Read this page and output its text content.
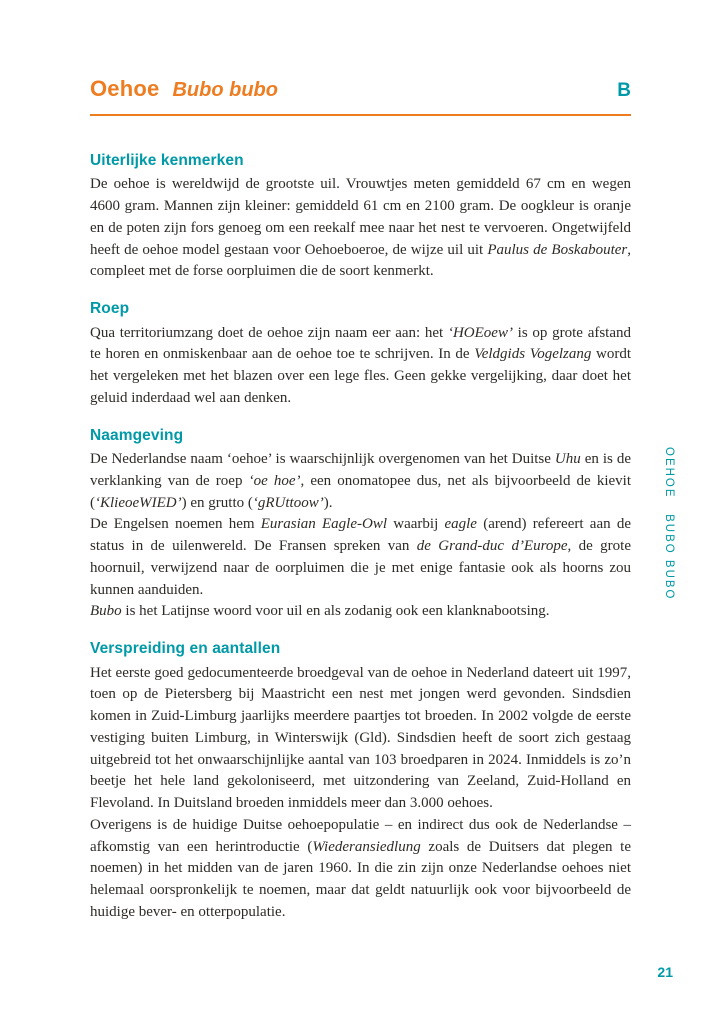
Oehoe Bubo bubo	B
Uiterlijke kenmerken

De oehoe is wereldwijd de grootste uil. Vrouwtjes meten gemiddeld 67 cm en wegen 4600 gram. Mannen zijn kleiner: gemiddeld 61 cm en 2100 gram. De oogkleur is oranje en de poten zijn fors genoeg om een reekalf mee naar het nest te vervoeren. Ongetwijfeld heeft de oehoe model gestaan voor Oehoeboeroe, de wijze uil uit Paulus de Boskabouter, compleet met de forse oorpluimen die de soort kenmerkt.

Roep

Qua territoriumzang doet de oehoe zijn naam eer aan: het ‘HOEoew’ is op grote afstand te horen en onmiskenbaar aan de oehoe toe te schrijven. In de Veldgids Vogelzang wordt het vergeleken met het blazen over een lege fles. Geen gekke vergelijking, daar doet het geluid inderdaad wel aan denken.

Naamgeving

De Nederlandse naam ‘oehoe’ is waarschijnlijk overgenomen van het Duitse Uhu en is de verklanking van de roep ‘oe hoe’, een onomatopee dus, net als bijvoorbeeld de kievit (‘KlieoeWIED’) en grutto (‘gRUttoow’).

De Engelsen noemen hem Eurasian Eagle-Owl waarbij eagle (arend) refereert aan de status in de uilenwereld. De Fransen spreken van de Grand-duc d’Europe, de grote hoornuil, verwijzend naar de oorpluimen die je met enige fantasie ook als hoorns zou kunnen aanduiden.

Bubo is het Latijnse woord voor uil en als zodanig ook een klanknabootsing.

Verspreiding en aantallen

Het eerste goed gedocumenteerde broedgeval van de oehoe in Nederland dateert uit 1997, toen op de Pietersberg bij Maastricht een nest met jongen werd gevonden. Sindsdien komen in Zuid-Limburg jaarlijks meerdere paartjes tot broeden. In 2002 volgde de eerste vestiging buiten Limburg, in Winterswijk (Gld). Sindsdien heeft de soort zich gestaag uitgebreid tot het onwaarschijnlijke aantal van 103 broedparen in 2024. Inmiddels is zo’n beetje het hele land gekoloniseerd, met uitzondering van Zeeland, Zuid-Holland en Flevoland. In Duitsland broeden inmiddels meer dan 3.000 oehoes.

Overigens is de huidige Duitse oehoepopulatie – en indirect dus ook de Nederlandse – afkomstig van een herintroductie (Wiederansiedlung zoals de Duitsers dat plegen te noemen) in het midden van de jaren 1960. In die zin zijn onze Nederlandse oehoes niet helemaal oorspronkelijk te noemen, maar dat geldt natuurlijk ook voor bijvoorbeeld de huidige bever- en otterpopulatie.

OEHOE   BUBO BUBO
21
